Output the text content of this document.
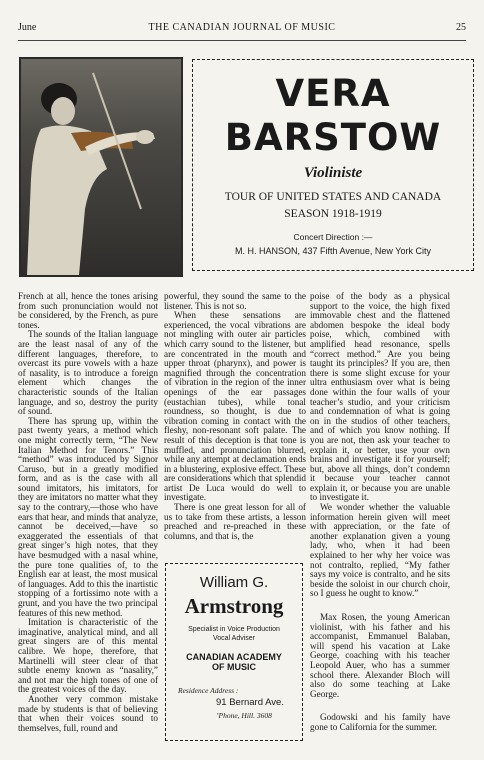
June	THE CANADIAN JOURNAL OF MUSIC	25
VERA
BARSTOW
Violiniste
TOUR OF UNITED STATES AND CANADA
SEASON 1918-1919
Concert Direction :—
M. H. HANSON, 437 Fifth Avenue, New York City

French at all, hence the tones arising from such pronunciation would not be considered, by the French, as pure tones.

The sounds of the Italian language are the least nasal of any of the different languages, therefore, to overcast its pure vowels with a haze of nasality, is to introduce a foreign element which changes the characteristic sounds of the Italian language, and so, destroy the purity of sound.

There has sprung up, within the past twenty years, a method which one might correctly term, “The New Italian Method for Tenors.” This “method” was introduced by Signor Caruso, but in a greatly modified form, and as is the case with all sound imitators, his imitators, for they are imitators no matter what they say to the contrary,—those who have ears that hear, and minds that analyze, cannot be deceived,—have so exaggerated the essentials of that great singer’s high notes, that they have besmudged with a nasal whine, the pure tone qualities of, to the English ear at least, the most musical of languages. Add to this the inartistic stopping of a fortissimo note with a grunt, and you have the two principal features of this new method.

Imitation is characteristic of the imaginative, analytical mind, and all great singers are of this mental calibre. We hope, therefore, that Martinelli will steer clear of that subtle enemy known as “nasality,” and not mar the high tones of one of the greatest voices of the day.

Another very common mistake made by students is that of believing that when their voices sound to themselves, full, round and

powerful, they sound the same to the listener. This is not so.

When these sensations are experienced, the vocal vibrations are not mingling with outer air particles which carry sound to the listener, but are concentrated in the mouth and upper throat (pharynx), and power is magnified through the concentration of vibration in the region of the inner openings of the ear passages (eustachian tubes), while tonal roundness, so thought, is due to vibration coming in contact with the fleshy, non-resonant soft palate. The result of this deception is that tone is muffled, and pronunciation blurred, while any attempt at declamation ends in a blustering, explosive effect. These are considerations which that splendid artist De Luca would do well to investigate.

There is one great lesson for all of us to take from these artists, a lesson preached and re-preached in these columns, and that is, the

poise of the body as a physical support to the voice, the high fixed immovable chest and the flattened abdomen bespoke the ideal body poise, which, combined with amplified head resonance, spells “correct method.” Are you being taught its principles? If you are, then there is some slight excuse for your ultra enthusiasm over what is being done within the four walls of your teacher’s studio, and your criticism and condemnation of what is going on in the studios of other teachers, and of which you know nothing. If you are not, then ask your teacher to explain it, or better, use your own brains and investigate it for yourself; but, above all things, don’t condemn it because your teacher cannot explain it, or because you are unable to investigate it.

We wonder whether the valuable information herein given will meet with appreciation, or the fate of another explanation given a young lady, who, when it had been explained to her why her voice was not contralto, replied, “My father says my voice is contralto, and he sits beside the soloist in our church choir, so I guess he ought to know.”

Max Rosen, the young American violinist, with his father and his accompanist, Emmanuel Balaban, will spend his vacation at Lake George, coaching with his teacher Leopold Auer, who has a summer school there. Alexander Bloch will also do some teaching at Lake George.

Godowski and his family have gone to California for the summer.

William G.
Armstrong
Specialist in Voice Production
Vocal Adviser
CANADIAN ACADEMY
OF MUSIC
Residence Address :
91 Bernard Ave.
’Phone, Hill. 3608
